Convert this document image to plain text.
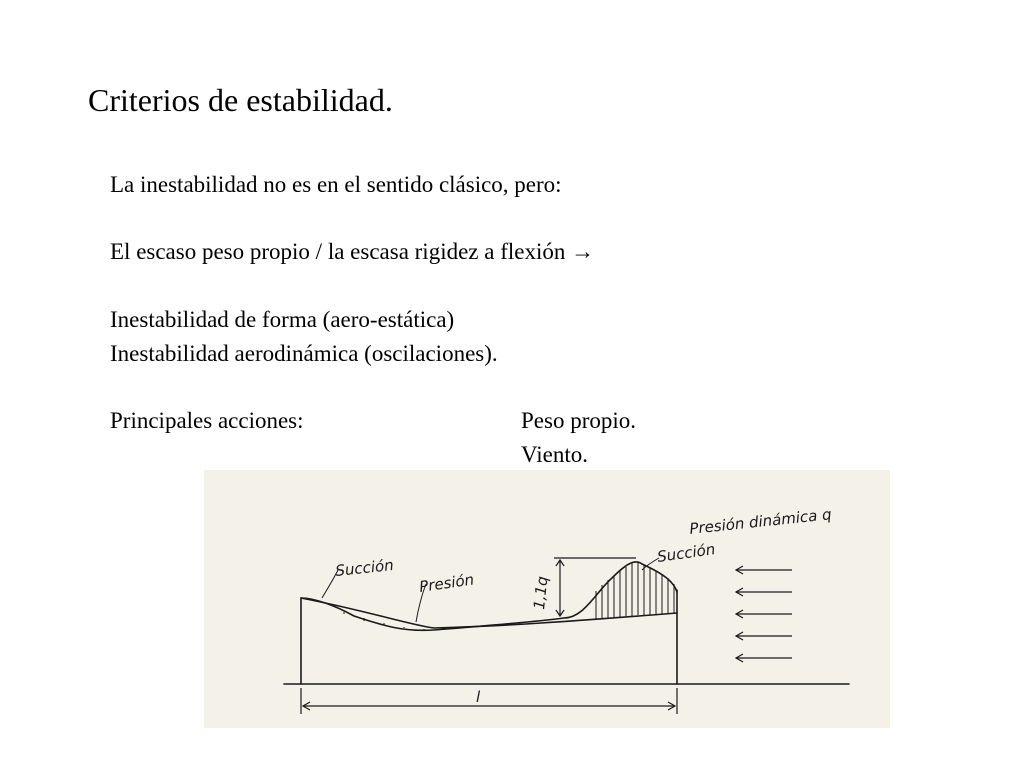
Criterios de estabilidad.
La inestabilidad no es en el sentido clásico, pero:
El escaso peso propio / la escasa rigidez a flexión →
Inestabilidad de forma (aero-estática)
Inestabilidad aerodinámica (oscilaciones).
Principales acciones:	Peso propio.
Viento.
Succión
Presión
Succión
Presión dinámica q
1,1q
l
